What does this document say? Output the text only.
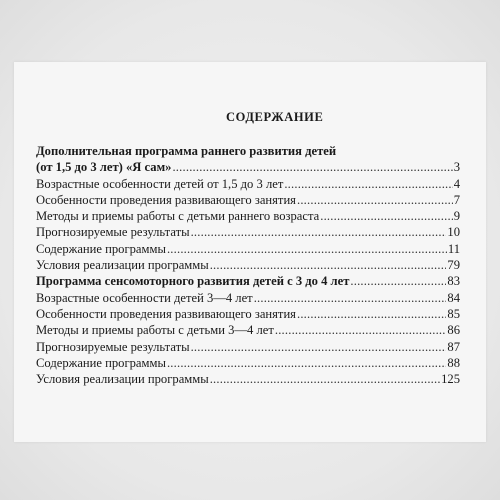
СОДЕРЖАНИЕ
Дополнительная программа раннего развития детей
(от 1,5 до 3 лет) «Я сам» .....	3
Возрастные особенности детей от 1,5 до 3 лет .....	4
Особенности проведения развивающего занятия .....	7
Методы и приемы работы с детьми раннего возраста .....	9
Прогнозируемые результаты .....	10
Содержание программы .....	11
Условия реализации программы .....	79
Программа сенсомоторного развития детей с 3 до 4 лет .....	83
Возрастные особенности детей 3—4 лет .....	84
Особенности проведения развивающего занятия .....	85
Методы и приемы работы с детьми 3—4 лет .....	86
Прогнозируемые результаты .....	87
Содержание программы .....	88
Условия реализации программы .....	125
